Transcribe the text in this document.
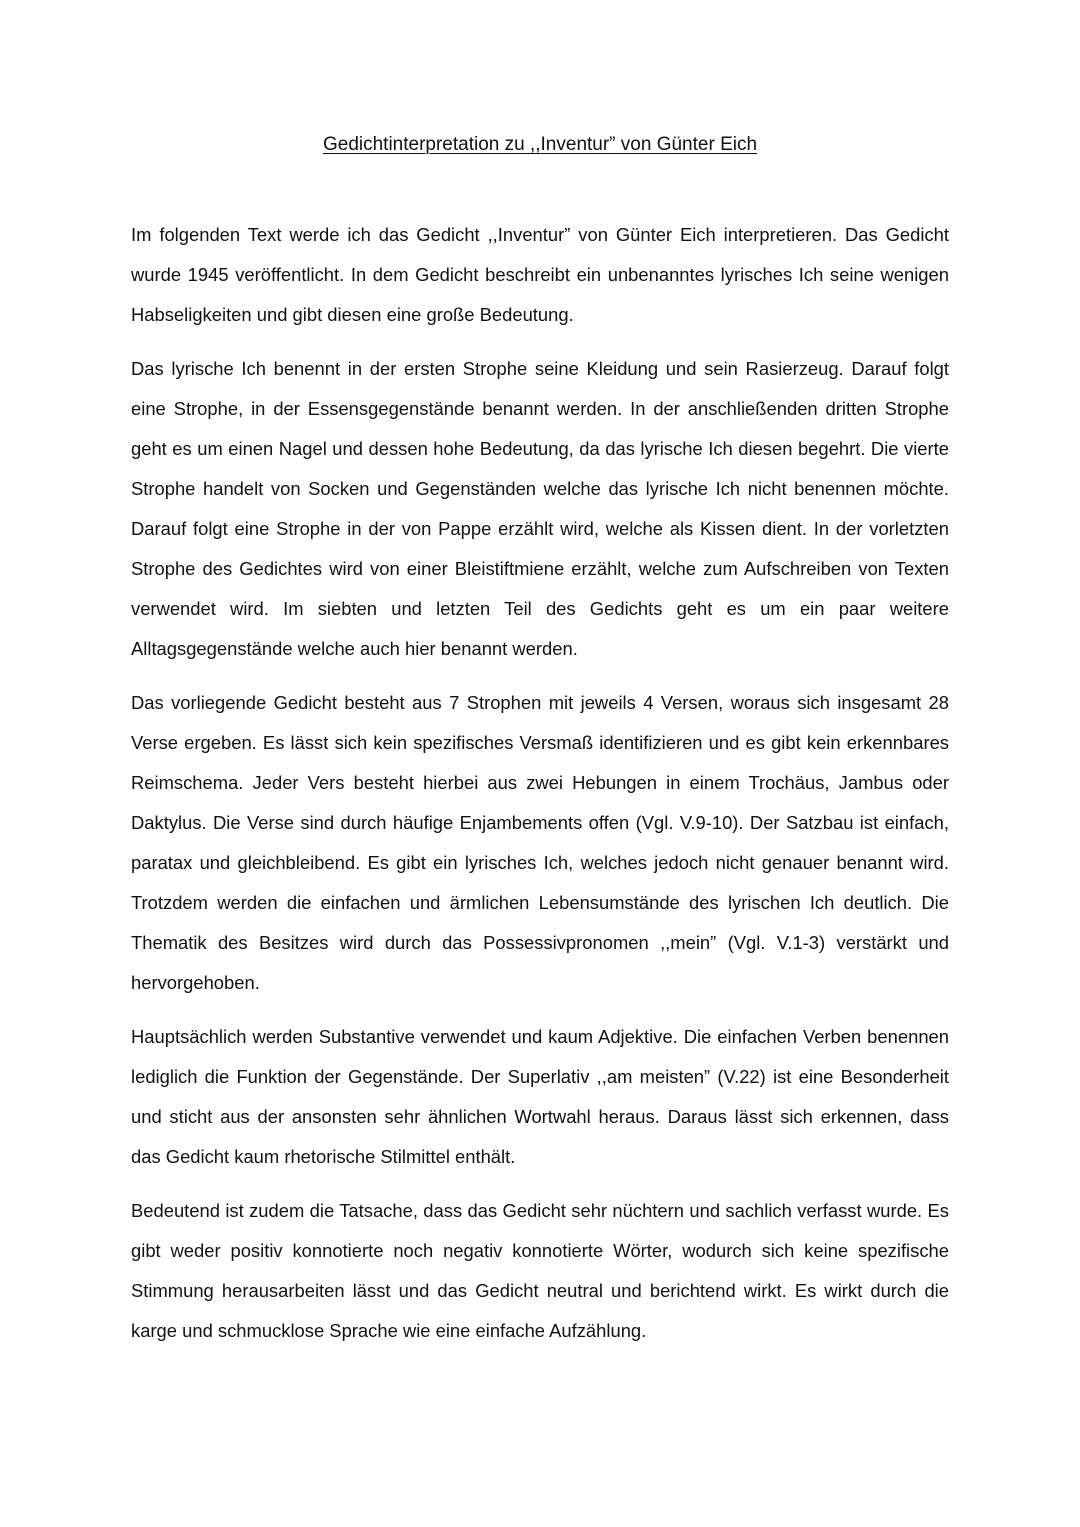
Gedichtinterpretation zu ,,Inventur” von Günter Eich

Im folgenden Text werde ich das Gedicht ,,Inventur” von Günter Eich interpretieren. Das Gedicht wurde 1945 veröffentlicht. In dem Gedicht beschreibt ein unbenanntes lyrisches Ich seine wenigen Habseligkeiten und gibt diesen eine große Bedeutung.

Das lyrische Ich benennt in der ersten Strophe seine Kleidung und sein Rasierzeug. Darauf folgt eine Strophe, in der Essensgegenstände benannt werden. In der anschließenden dritten Strophe geht es um einen Nagel und dessen hohe Bedeutung, da das lyrische Ich diesen begehrt. Die vierte Strophe handelt von Socken und Gegenständen welche das lyrische Ich nicht benennen möchte. Darauf folgt eine Strophe in der von Pappe erzählt wird, welche als Kissen dient. In der vorletzten Strophe des Gedichtes wird von einer Bleistiftmiene erzählt, welche zum Aufschreiben von Texten verwendet wird. Im siebten und letzten Teil des Gedichts geht es um ein paar weitere Alltagsgegenstände welche auch hier benannt werden.

Das vorliegende Gedicht besteht aus 7 Strophen mit jeweils 4 Versen, woraus sich insgesamt 28 Verse ergeben. Es lässt sich kein spezifisches Versmaß identifizieren und es gibt kein erkennbares Reimschema. Jeder Vers besteht hierbei aus zwei Hebungen in einem Trochäus, Jambus oder Daktylus. Die Verse sind durch häufige Enjambements offen (Vgl. V.9-10). Der Satzbau ist einfach, paratax und gleichbleibend. Es gibt ein lyrisches Ich, welches jedoch nicht genauer benannt wird. Trotzdem werden die einfachen und ärmlichen Lebensumstände des lyrischen Ich deutlich. Die Thematik des Besitzes wird durch das Possessivpronomen ,,mein” (Vgl. V.1-3) verstärkt und hervorgehoben.

Hauptsächlich werden Substantive verwendet und kaum Adjektive. Die einfachen Verben benennen lediglich die Funktion der Gegenstände. Der Superlativ ,,am meisten” (V.22) ist eine Besonderheit und sticht aus der ansonsten sehr ähnlichen Wortwahl heraus. Daraus lässt sich erkennen, dass das Gedicht kaum rhetorische Stilmittel enthält.

Bedeutend ist zudem die Tatsache, dass das Gedicht sehr nüchtern und sachlich verfasst wurde. Es gibt weder positiv konnotierte noch negativ konnotierte Wörter, wodurch sich keine spezifische Stimmung herausarbeiten lässt und das Gedicht neutral und berichtend wirkt. Es wirkt durch die karge und schmucklose Sprache wie eine einfache Aufzählung.
